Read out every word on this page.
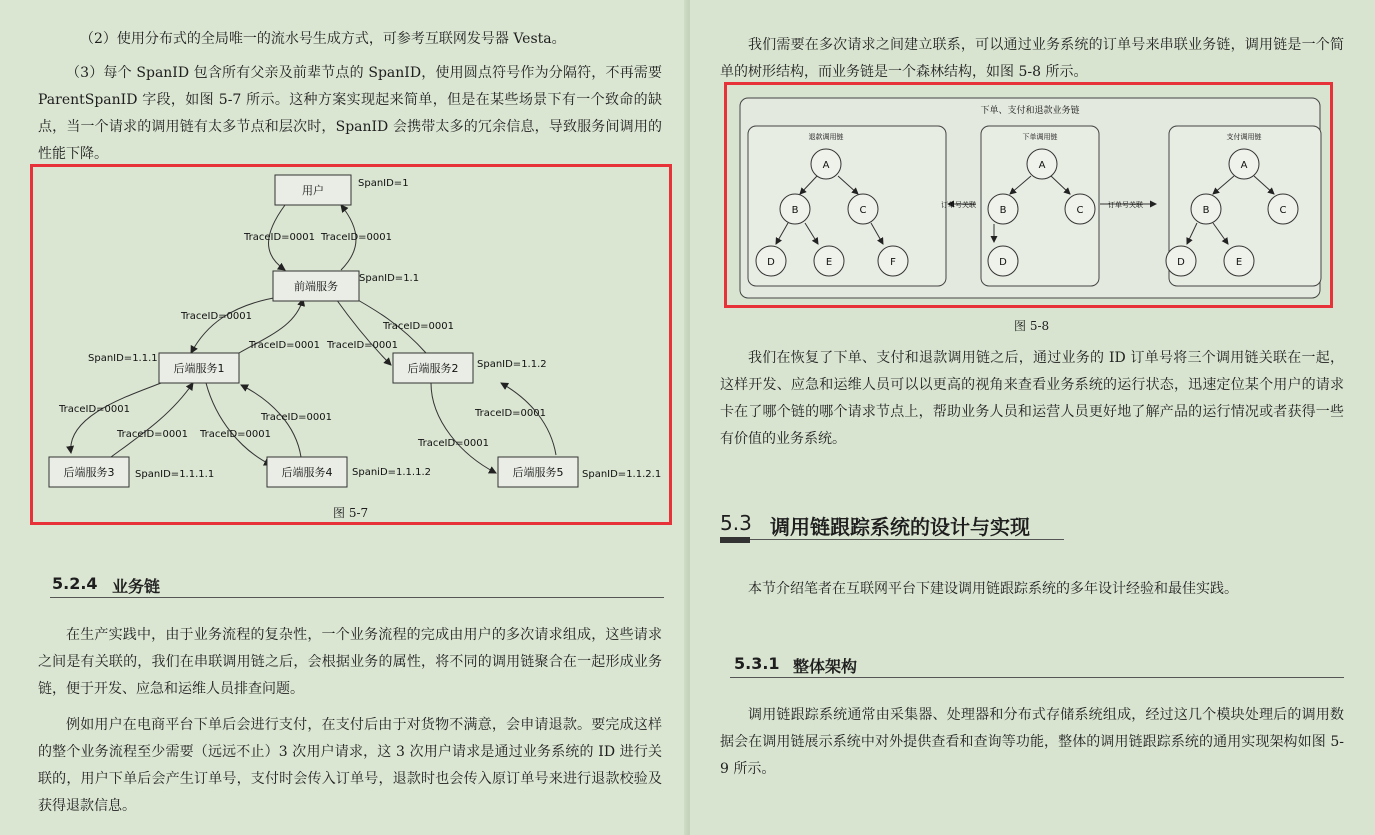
（2）使用分布式的全局唯一的流水号生成方式，可参考互联网发号器 Vesta。

（3）每个 SpanID 包含所有父亲及前辈节点的 SpanID，使用圆点符号作为分隔符，不再需要 ParentSpanID 字段，如图 5-7 所示。这种方案实现起来简单，但是在某些场景下有一个致命的缺点，当一个请求的调用链有太多节点和层次时，SpanID 会携带太多的冗余信息，导致服务间调用的性能下降。

用户
前端服务
后端服务1	后端服务2
后端服务3	后端服务4	后端服务5
SpanID=1
SpanID=1.1
SpanID=1.1.1
SpanID=1.1.2
SpanID=1.1.1.1	SpaniD=1.1.1.2	SpanID=1.1.2.1
TraceID=0001 TraceID=0001
TraceID=0001
TraceID=0001
TraceID=0001 TraceID=0001
TraceID=0001
TraceID=0001 TraceID=0001
TraceID=0001	TraceID=0001
TraceID=0001
图 5-7
5.2.4 业务链

在生产实践中，由于业务流程的复杂性，一个业务流程的完成由用户的多次请求组成，这些请求之间是有关联的，我们在串联调用链之后，会根据业务的属性，将不同的调用链聚合在一起形成业务链，便于开发、应急和运维人员排查问题。

例如用户在电商平台下单后会进行支付，在支付后由于对货物不满意，会申请退款。要完成这样的整个业务流程至少需要（远远不止）3 次用户请求，这 3 次用户请求是通过业务系统的 ID 进行关联的，用户下单后会产生订单号，支付时会传入订单号，退款时也会传入原订单号来进行退款校验及获得退款信息。

我们需要在多次请求之间建立联系，可以通过业务系统的订单号来串联业务链，调用链是一个简单的树形结构，而业务链是一个森林结构，如图 5-8 所示。

下单、支付和退款业务链
退款调用链	下单调用链	支付调用链
订单号关联	订单号关联
A
B	C
D	E	F
A
B	C
D
A
B	C
D	E
图 5-8

我们在恢复了下单、支付和退款调用链之后，通过业务的 ID 订单号将三个调用链关联在一起，这样开发、应急和运维人员可以以更高的视角来查看业务系统的运行状态，迅速定位某个用户的请求卡在了哪个链的哪个请求节点上，帮助业务人员和运营人员更好地了解产品的运行情况或者获得一些有价值的业务系统。

5.3 调用链跟踪系统的设计与实现

本节介绍笔者在互联网平台下建设调用链跟踪系统的多年设计经验和最佳实践。

5.3.1 整体架构

调用链跟踪系统通常由采集器、处理器和分布式存储系统组成，经过这几个模块处理后的调用数据会在调用链展示系统中对外提供查看和查询等功能，整体的调用链跟踪系统的通用实现架构如图 5-9 所示。
